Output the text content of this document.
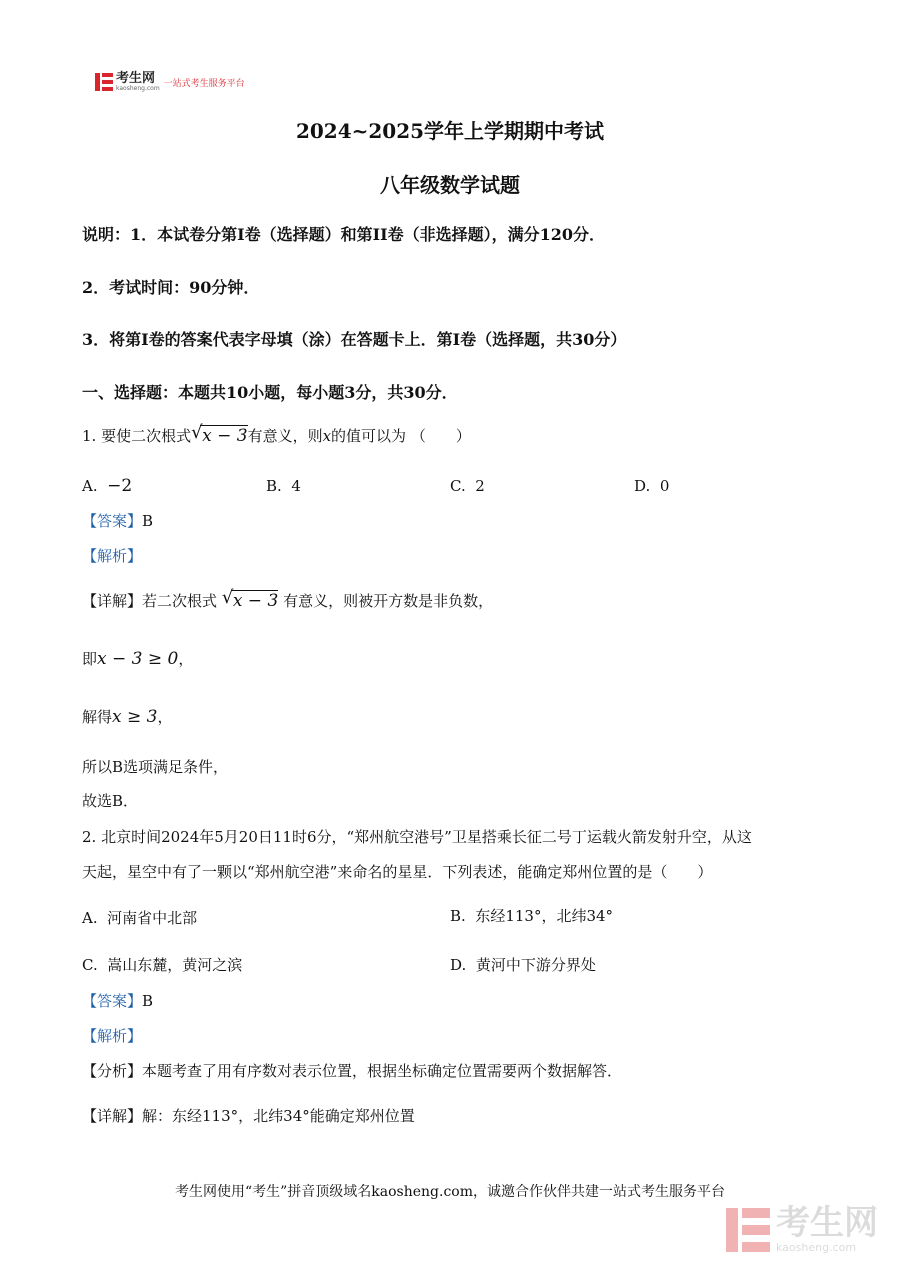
考生网
kaosheng.com 一站式考生服务平台
2024~2025学年上学期期中考试
八年级数学试题
说明：1．本试卷分第I卷（选择题）和第II卷（非选择题），满分120分．
2．考试时间：90分钟．
3．将第I卷的答案代表字母填（涂）在答题卡上．第I卷（选择题，共30分）
一、选择题：本题共10小题，每小题3分，共30分．
1. 要使二次根式 √ x − 3有意义，则x的值可以为 （　　）
A. −2	B. 4	C. 2	D. 0
【答案】B
【解析】
【详解】若二次根式 √ x − 3 有意义，则被开方数是非负数，
即x − 3 ≥ 0，
解得x ≥ 3，
所以B选项满足条件，
故选B．
2. 北京时间2024年5月20日11时6分，“郑州航空港号”卫星搭乘长征二号丁运载火箭发射升空，从这
天起，星空中有了一颗以“郑州航空港”来命名的星星．下列表述，能确定郑州位置的是（　　）
A. 河南省中北部	B. 东经113°，北纬34°
C. 嵩山东麓，黄河之滨	D. 黄河中下游分界处
【答案】B
【解析】
【分析】本题考查了用有序数对表示位置，根据坐标确定位置需要两个数据解答．
【详解】解：东经113°，北纬34°能确定郑州位置
考生网使用“考生”拼音顶级域名kaosheng.com，诚邀合作伙伴共建一站式考生服务平台
考生网
kaosheng.com
